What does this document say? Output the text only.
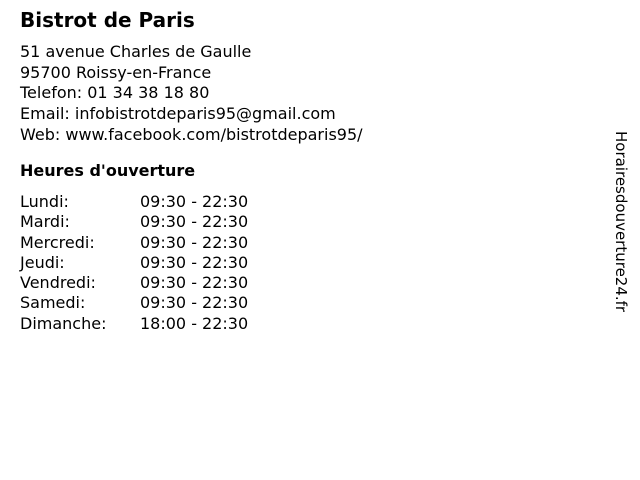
Bistrot de Paris
51 avenue Charles de Gaulle
95700 Roissy-en-France
Telefon: 01 34 38 18 80
Email: infobistrotdeparis95@gmail.com
Web: www.facebook.com/bistrotdeparis95/
Heures d'ouverture
Lundi:	09:30 - 22:30
Mardi:	09:30 - 22:30
Mercredi:	09:30 - 22:30
Jeudi:	09:30 - 22:30
Vendredi:	09:30 - 22:30
Samedi:	09:30 - 22:30
Dimanche:	18:00 - 22:30
Horairesdouverture24.fr
